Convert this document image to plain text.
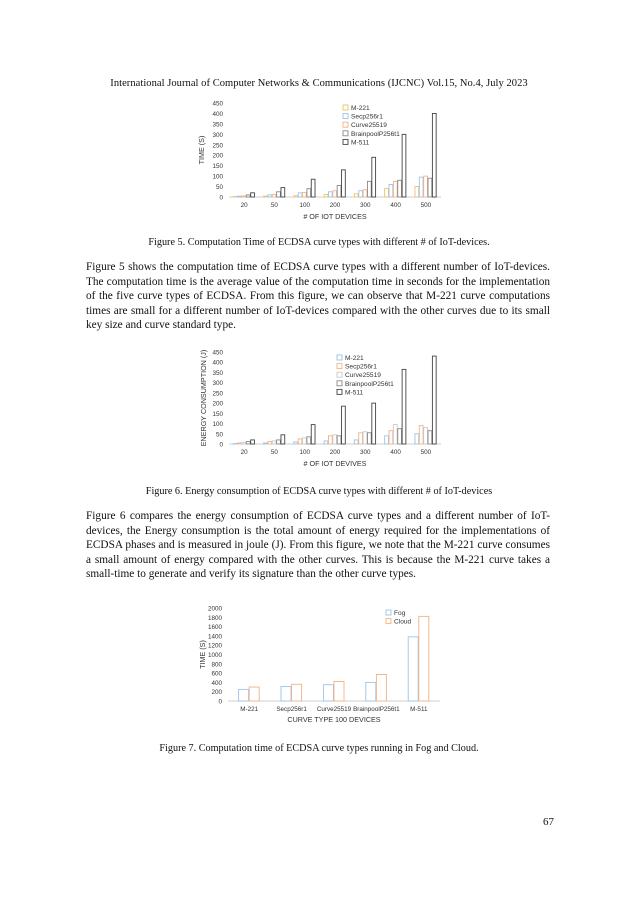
International Journal of Computer Networks & Communications (IJCNC) Vol.15, No.4, July 2023
0
50
100
150
200
250
300
350
400
450
TIME (S)
20	50	100	200	300	400	500
# OF IOT DEVICES
M-221
Secp256r1
Curve25519
BrainpoolP256t1
M-511
Figure 5. Computation Time of ECDSA curve types with different # of IoT-devices.
Figure 5 shows the computation time of ECDSA curve types with a different number of IoT-devices. The computation time is the average value of the computation time in seconds for the implementation of the five curve types of ECDSA. From this figure, we can observe that M-221 curve computations times are small for a different number of IoT-devices compared with the other curves due to its small key size and curve standard type.
0
50
100
150
200
250
300
350
400
450
ENERGY CONSUMPTION (J)
20	50	100	200	300	400	500
# OF IOT DEVIVES
M-221
Secp256r1
Curve25519
BrainpoolP256t1
M-511
Figure 6. Energy consumption of ECDSA curve types with different # of IoT-devices
Figure 6 compares the energy consumption of ECDSA curve types and a different number of IoT-devices, the Energy consumption is the total amount of energy required for the implementations of ECDSA phases and is measured in joule (J). From this figure, we note that the M-221 curve consumes a small amount of energy compared with the other curves. This is because the M-221 curve takes a small-time to generate and verify its signature than the other curve types.
0
200
400
600
800
1000
1200
1400
1600
1800
2000
TIME (S)
M-221	Secp256r1 Curve25519 BrainpoolP256t1 M-511
CURVE TYPE 100 DEVICES
Fog
Cloud
Figure 7. Computation time of ECDSA curve types running in Fog and Cloud.
67
